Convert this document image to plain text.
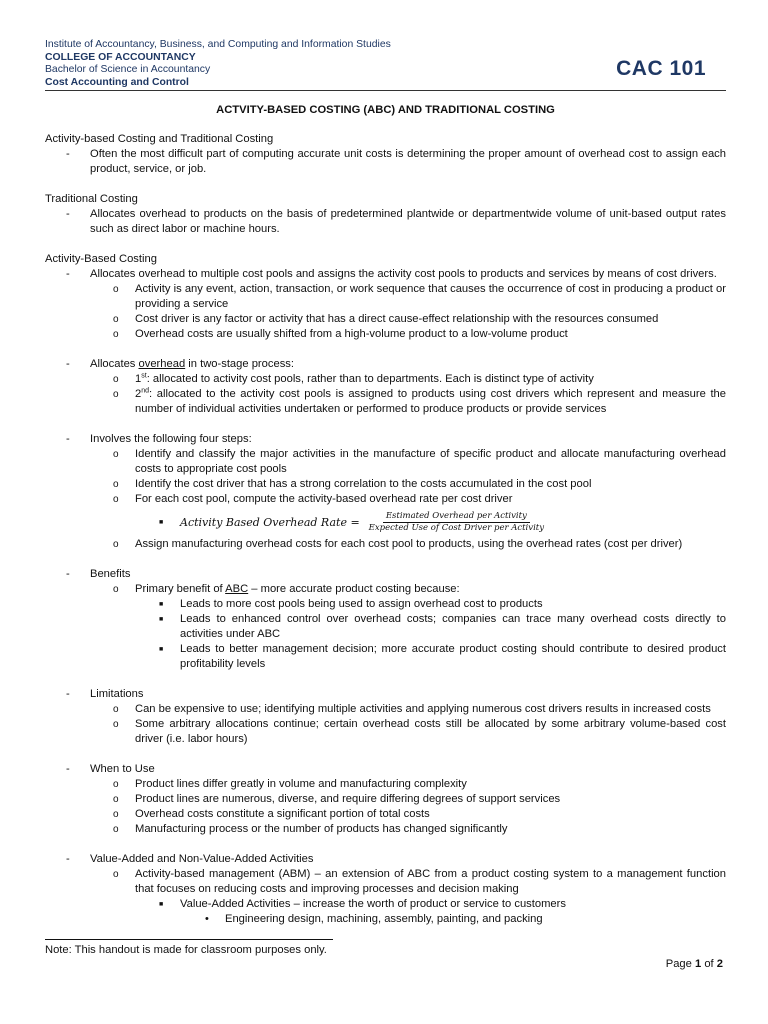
Institute of Accountancy, Business, and Computing and Information Studies
COLLEGE OF ACCOUNTANCY
Bachelor of Science in Accountancy
Cost Accounting and Control
CAC 101
ACTVITY-BASED COSTING (ABC) AND TRADITIONAL COSTING

Activity-based Costing and Traditional Costing

-	Often the most difficult part of computing accurate unit costs is determining the proper amount of overhead cost to assign each product, service, or job.

Traditional Costing

-	Allocates overhead to products on the basis of predetermined plantwide or departmentwide volume of unit-based output rates such as direct labor or machine hours.

Activity-Based Costing

-	Allocates overhead to multiple cost pools and assigns the activity cost pools to products and services by means of cost drivers.
o	Activity is any event, action, transaction, or work sequence that causes the occurrence of cost in producing a product or providing a service
o	Cost driver is any factor or activity that has a direct cause-effect relationship with the resources consumed
o	Overhead costs are usually shifted from a high-volume product to a low-volume product
-	Allocates overhead in two-stage process:
o	1st: allocated to activity cost pools, rather than to departments. Each is distinct type of activity
o	2nd: allocated to the activity cost pools is assigned to products using cost drivers which represent and measure the number of individual activities undertaken or performed to produce products or provide services
-	Involves the following four steps:
o	Identify and classify the major activities in the manufacture of specific product and allocate manufacturing overhead costs to appropriate cost pools
o	Identify the cost driver that has a strong correlation to the costs accumulated in the cost pool
o	For each cost pool, compute the activity-based overhead rate per cost driver
■	Activity Based Overhead Rate = $\frac{\text{Estimated Overhead per Activity}}{\text{Expected Use of Cost Driver per Activity}}$
o	Assign manufacturing overhead costs for each cost pool to products, using the overhead rates (cost per driver)
-	Benefits
o	Primary benefit of ABC – more accurate product costing because:
■	Leads to more cost pools being used to assign overhead cost to products
■	Leads to enhanced control over overhead costs; companies can trace many overhead costs directly to activities under ABC
■	Leads to better management decision; more accurate product costing should contribute to desired product profitability levels
-	Limitations
o	Can be expensive to use; identifying multiple activities and applying numerous cost drivers results in increased costs
o	Some arbitrary allocations continue; certain overhead costs still be allocated by some arbitrary volume-based cost driver (i.e. labor hours)
-	When to Use
o	Product lines differ greatly in volume and manufacturing complexity
o	Product lines are numerous, diverse, and require differing degrees of support services
o	Overhead costs constitute a significant portion of total costs
o	Manufacturing process or the number of products has changed significantly
-	Value-Added and Non-Value-Added Activities
o	Activity-based management (ABM) – an extension of ABC from a product costing system to a management function that focuses on reducing costs and improving processes and decision making
■	Value-Added Activities – increase the worth of product or service to customers
•	Engineering design, machining, assembly, painting, and packing
Note: This handout is made for classroom purposes only.
Page 1 of 2
